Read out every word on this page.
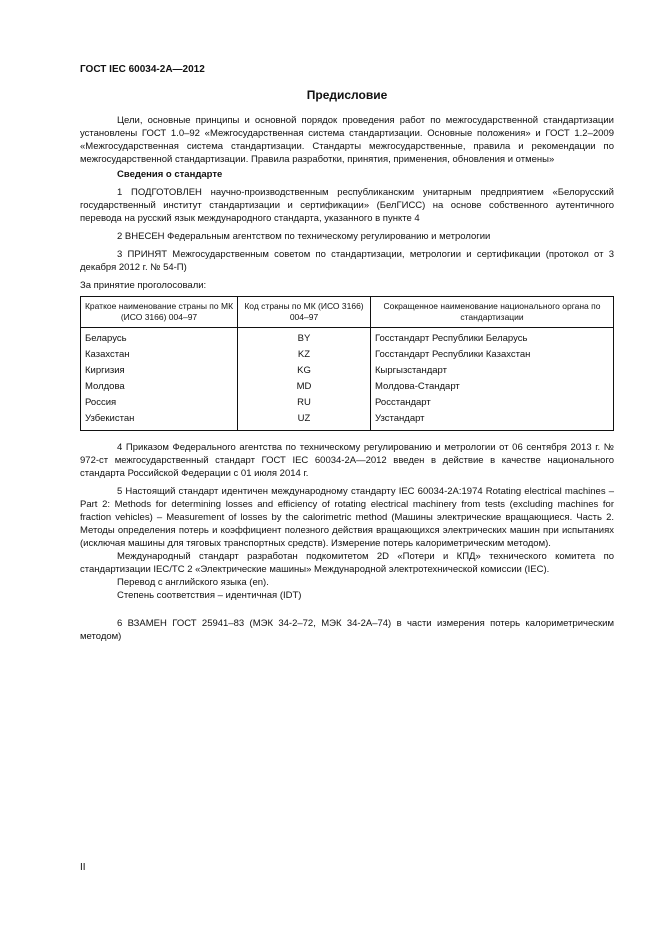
ГОСТ IEC 60034-2А—2012
Предисловие

Цели, основные принципы и основной порядок проведения работ по межгосударственной стандартизации установлены ГОСТ 1.0–92 «Межгосударственная система стандартизации. Основные положения» и ГОСТ 1.2–2009 «Межгосударственная система стандартизации. Стандарты межгосударственные, правила и рекомендации по межгосударственной стандартизации. Правила разработки, принятия, применения, обновления и отмены»

Сведения о стандарте

1 ПОДГОТОВЛЕН научно-производственным республиканским унитарным предприятием «Белорусский государственный институт стандартизации и сертификации» (БелГИСС) на основе собственного аутентичного перевода на русский язык международного стандарта, указанного в пункте 4

2 ВНЕСЕН Федеральным агентством по техническому регулированию и метрологии

3 ПРИНЯТ Межгосударственным советом по стандартизации, метрологии и сертификации (протокол от 3 декабря 2012 г. № 54-П)

За принятие проголосовали:

Краткое наименование страны по МК (ИСО 3166) 004–97	Код страны по МК (ИСО 3166) 004–97	Сокращенное наименование национального органа по стандартизации
Беларусь	BY	Госстандарт Республики Беларусь
Казахстан	KZ	Госстандарт Республики Казахстан
Киргизия	KG	Кыргызстандарт
Молдова	MD	Молдова-Стандарт
Россия	RU	Росстандарт
Узбекистан	UZ	Узстандарт

4 Приказом Федерального агентства по техническому регулированию и метрологии от 06 сентября 2013 г. № 972-ст межгосударственный стандарт ГОСТ IEC 60034-2А—2012 введен в действие в качестве национального стандарта Российской Федерации с 01 июля 2014 г.

5 Настоящий стандарт идентичен международному стандарту IEC 60034-2A:1974 Rotating electrical machines – Part 2: Methods for determining losses and efficiency of rotating electrical machinery from tests (excluding machines for fraction vehicles) – Measurement of losses by the calorimetric method (Машины электрические вращающиеся. Часть 2. Методы определения потерь и коэффициент полезного действия вращающихся электрических машин при испытаниях (исключая машины для тяговых транспортных средств). Измерение потерь калориметрическим методом).

Международный стандарт разработан подкомитетом 2D «Потери и КПД» технического комитета по стандартизации IEC/TC 2 «Электрические машины» Международной электротехнической комиссии (IEC).

Перевод с английского языка (en).

Степень соответствия – идентичная (IDT)

6 ВЗАМЕН ГОСТ 25941–83 (МЭК 34-2–72, МЭК 34-2А–74) в части измерения потерь калориметрическим методом)

II
